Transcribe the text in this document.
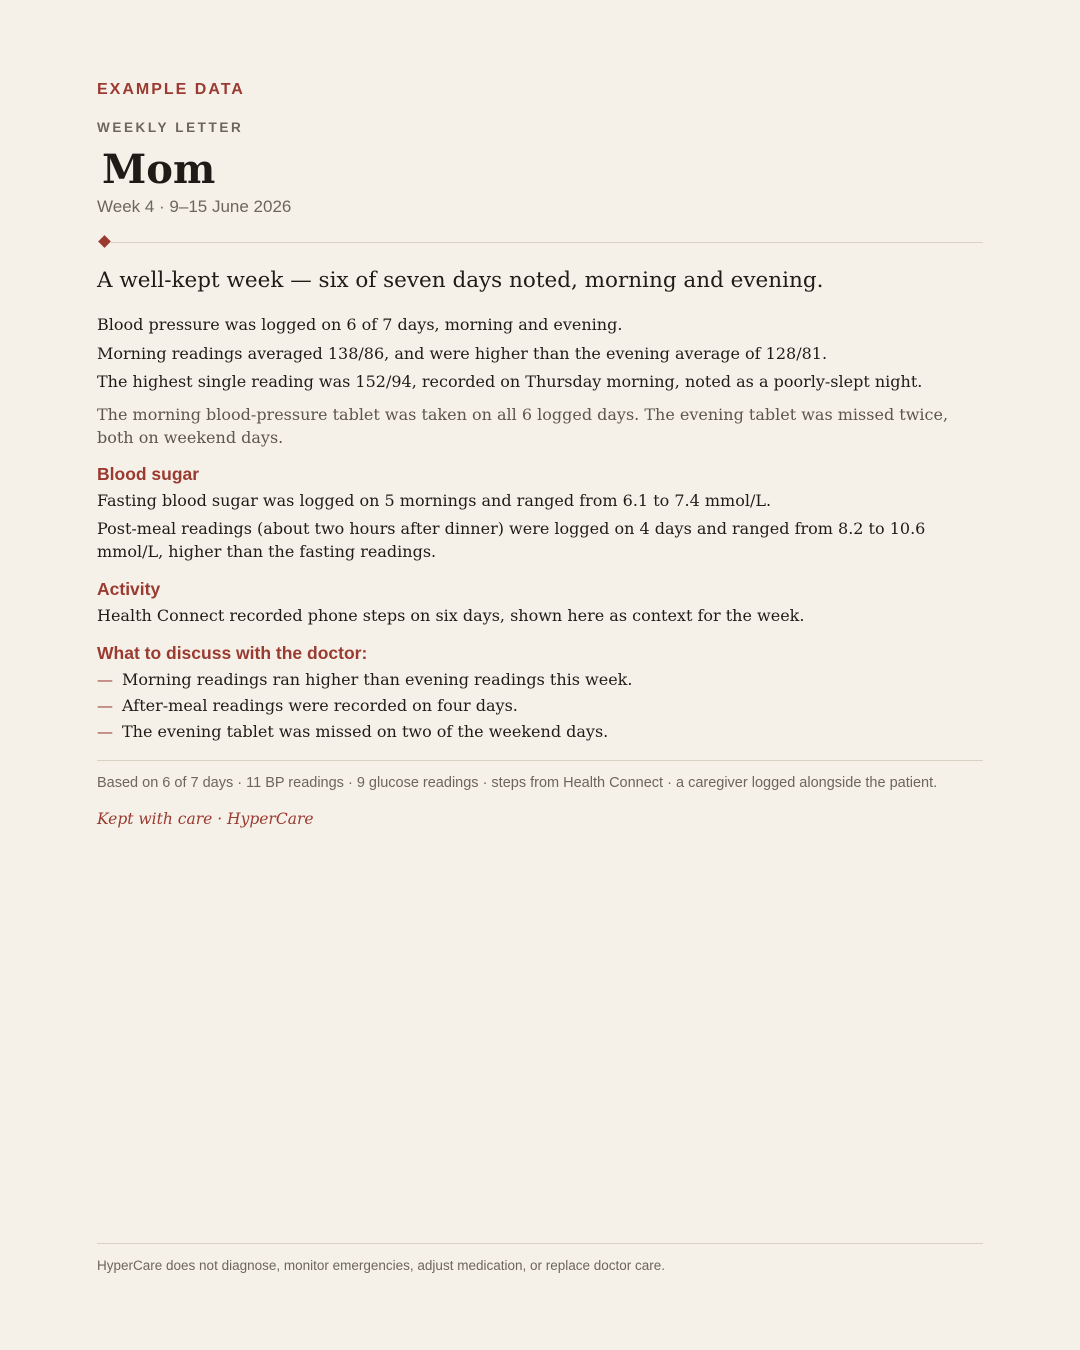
EXAMPLE DATA
WEEKLY LETTER
Mom
Week 4 · 9–15 June 2026
A well-kept week — six of seven days noted, morning and evening.

Blood pressure was logged on 6 of 7 days, morning and evening.

Morning readings averaged 138/86, and were higher than the evening average of 128/81.

The highest single reading was 152/94, recorded on Thursday morning, noted as a poorly-slept night.

The morning blood-pressure tablet was taken on all 6 logged days. The evening tablet was missed twice, both on weekend days.

Blood sugar

Fasting blood sugar was logged on 5 mornings and ranged from 6.1 to 7.4 mmol/L.

Post-meal readings (about two hours after dinner) were logged on 4 days and ranged from 8.2 to 10.6 mmol/L, higher than the fasting readings.

Activity

Health Connect recorded phone steps on six days, shown here as context for the week.

What to discuss with the doctor:
— Morning readings ran higher than evening readings this week.
— After-meal readings were recorded on four days.
— The evening tablet was missed on two of the weekend days.
Based on 6 of 7 days · 11 BP readings · 9 glucose readings · steps from Health Connect · a caregiver logged alongside the patient.
Kept with care · HyperCare
HyperCare does not diagnose, monitor emergencies, adjust medication, or replace doctor care.
